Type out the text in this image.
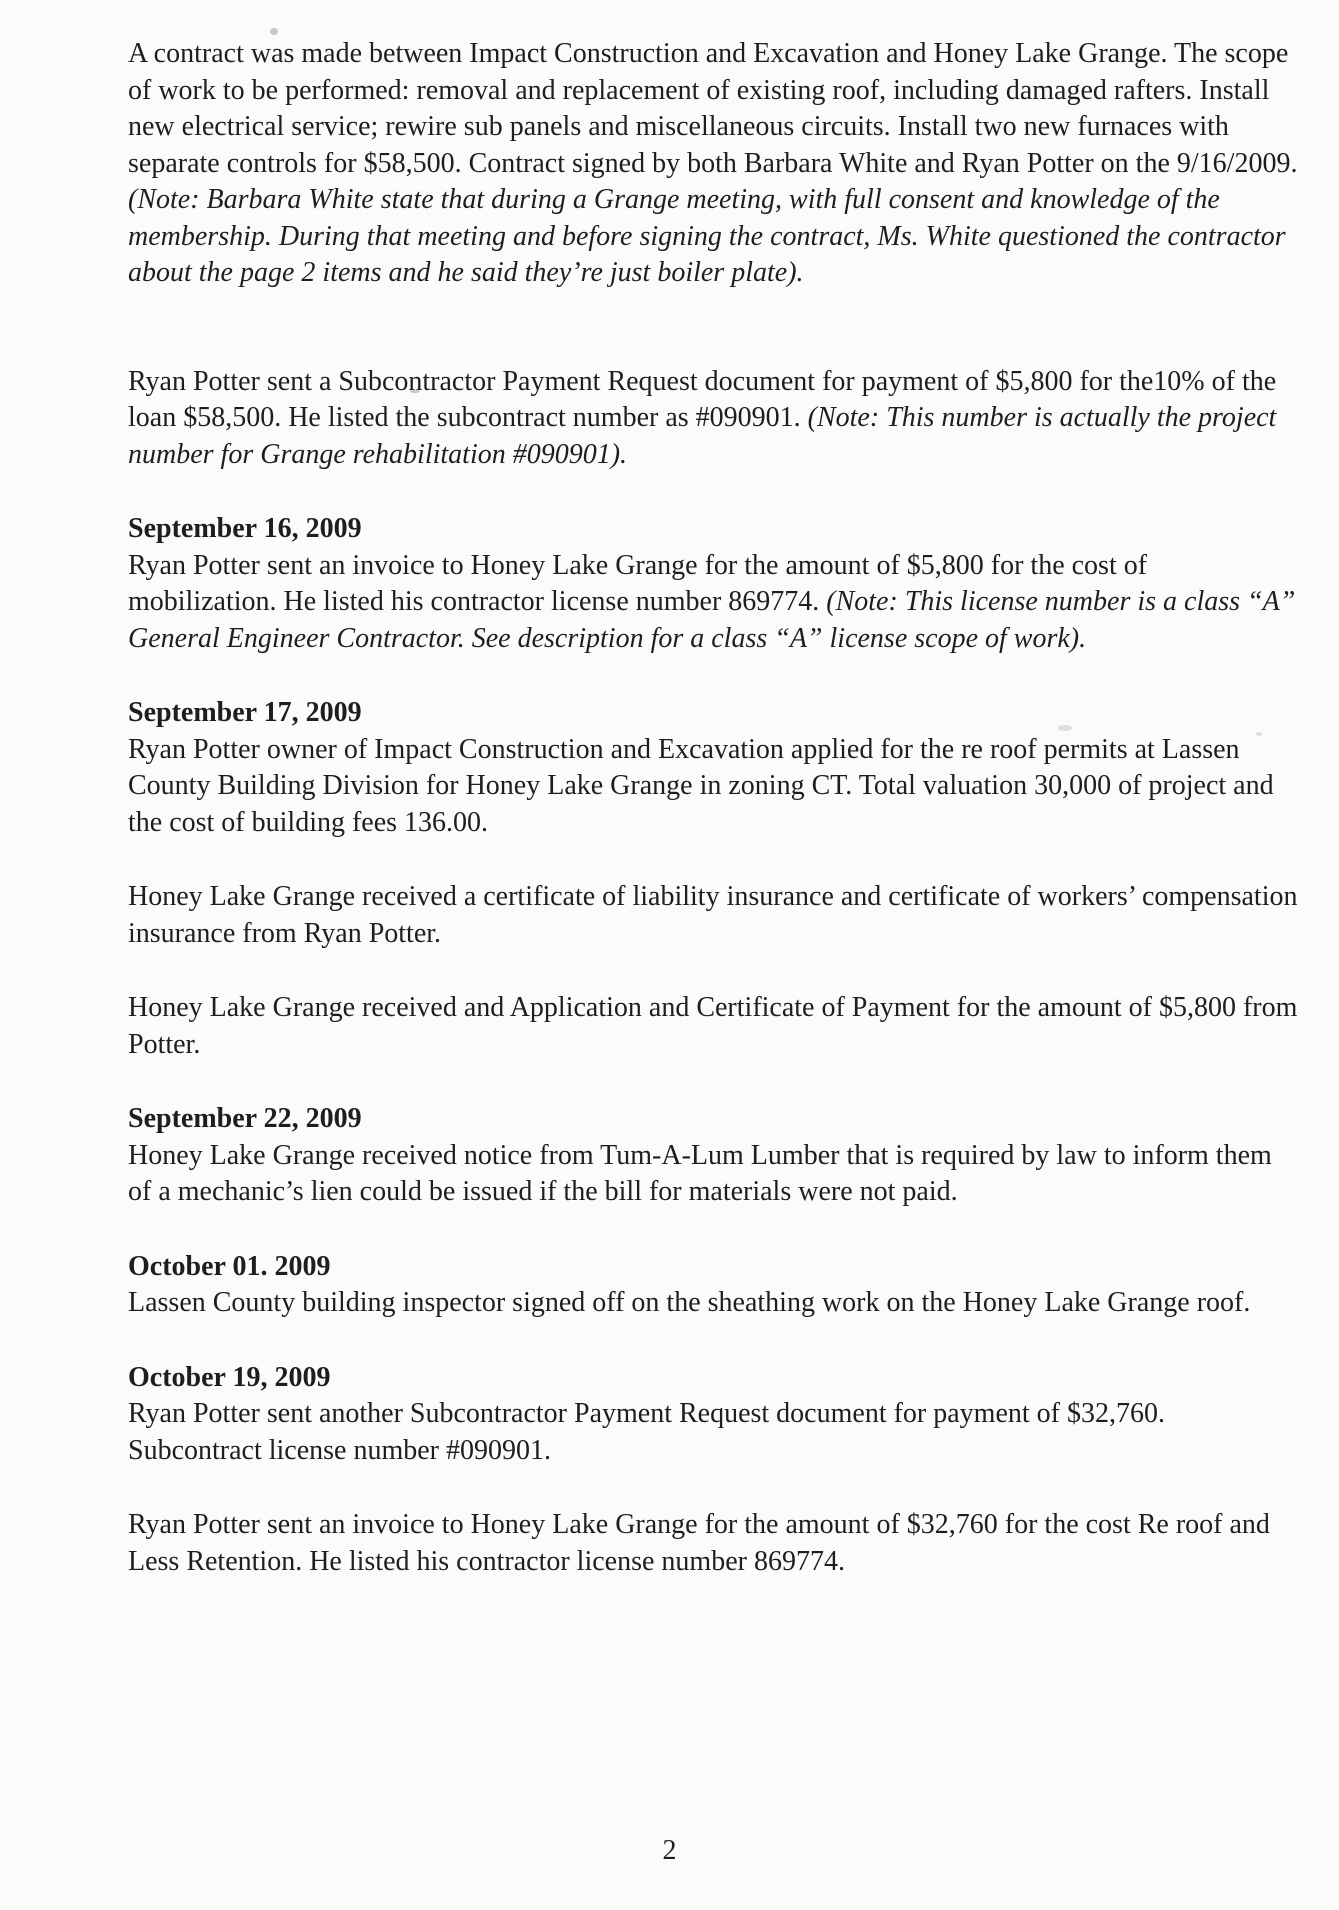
A contract was made between Impact Construction and Excavation and Honey Lake Grange. The scope of work to be performed: removal and replacement of existing roof, including damaged rafters. Install new electrical service; rewire sub panels and miscellaneous circuits. Install two new furnaces with separate controls for $58,500. Contract signed by both Barbara White and Ryan Potter on the 9/16/2009. (Note: Barbara White state that during a Grange meeting, with full consent and knowledge of the membership. During that meeting and before signing the contract, Ms. White questioned the contractor about the page 2 items and he said they’re just boiler plate).

Ryan Potter sent a Subcontractor Payment Request document for payment of $5,800 for the10% of the loan $58,500. He listed the subcontract number as #090901. (Note: This number is actually the project number for Grange rehabilitation #090901).

September 16, 2009
Ryan Potter sent an invoice to Honey Lake Grange for the amount of $5,800 for the cost of mobilization. He listed his contractor license number 869774. (Note: This license number is a class “A” General Engineer Contractor. See description for a class “A” license scope of work).

September 17, 2009
Ryan Potter owner of Impact Construction and Excavation applied for the re roof permits at Lassen County Building Division for Honey Lake Grange in zoning CT. Total valuation 30,000 of project and the cost of building fees 136.00.

Honey Lake Grange received a certificate of liability insurance and certificate of workers’ compensation insurance from Ryan Potter.

Honey Lake Grange received and Application and Certificate of Payment for the amount of $5,800 from Potter.

September 22, 2009
Honey Lake Grange received notice from Tum-A-Lum Lumber that is required by law to inform them of a mechanic’s lien could be issued if the bill for materials were not paid.

October 01. 2009
Lassen County building inspector signed off on the sheathing work on the Honey Lake Grange roof.

October 19, 2009
Ryan Potter sent another Subcontractor Payment Request document for payment of $32,760. Subcontract license number #090901.

Ryan Potter sent an invoice to Honey Lake Grange for the amount of $32,760 for the cost Re roof and Less Retention. He listed his contractor license number 869774.

2
